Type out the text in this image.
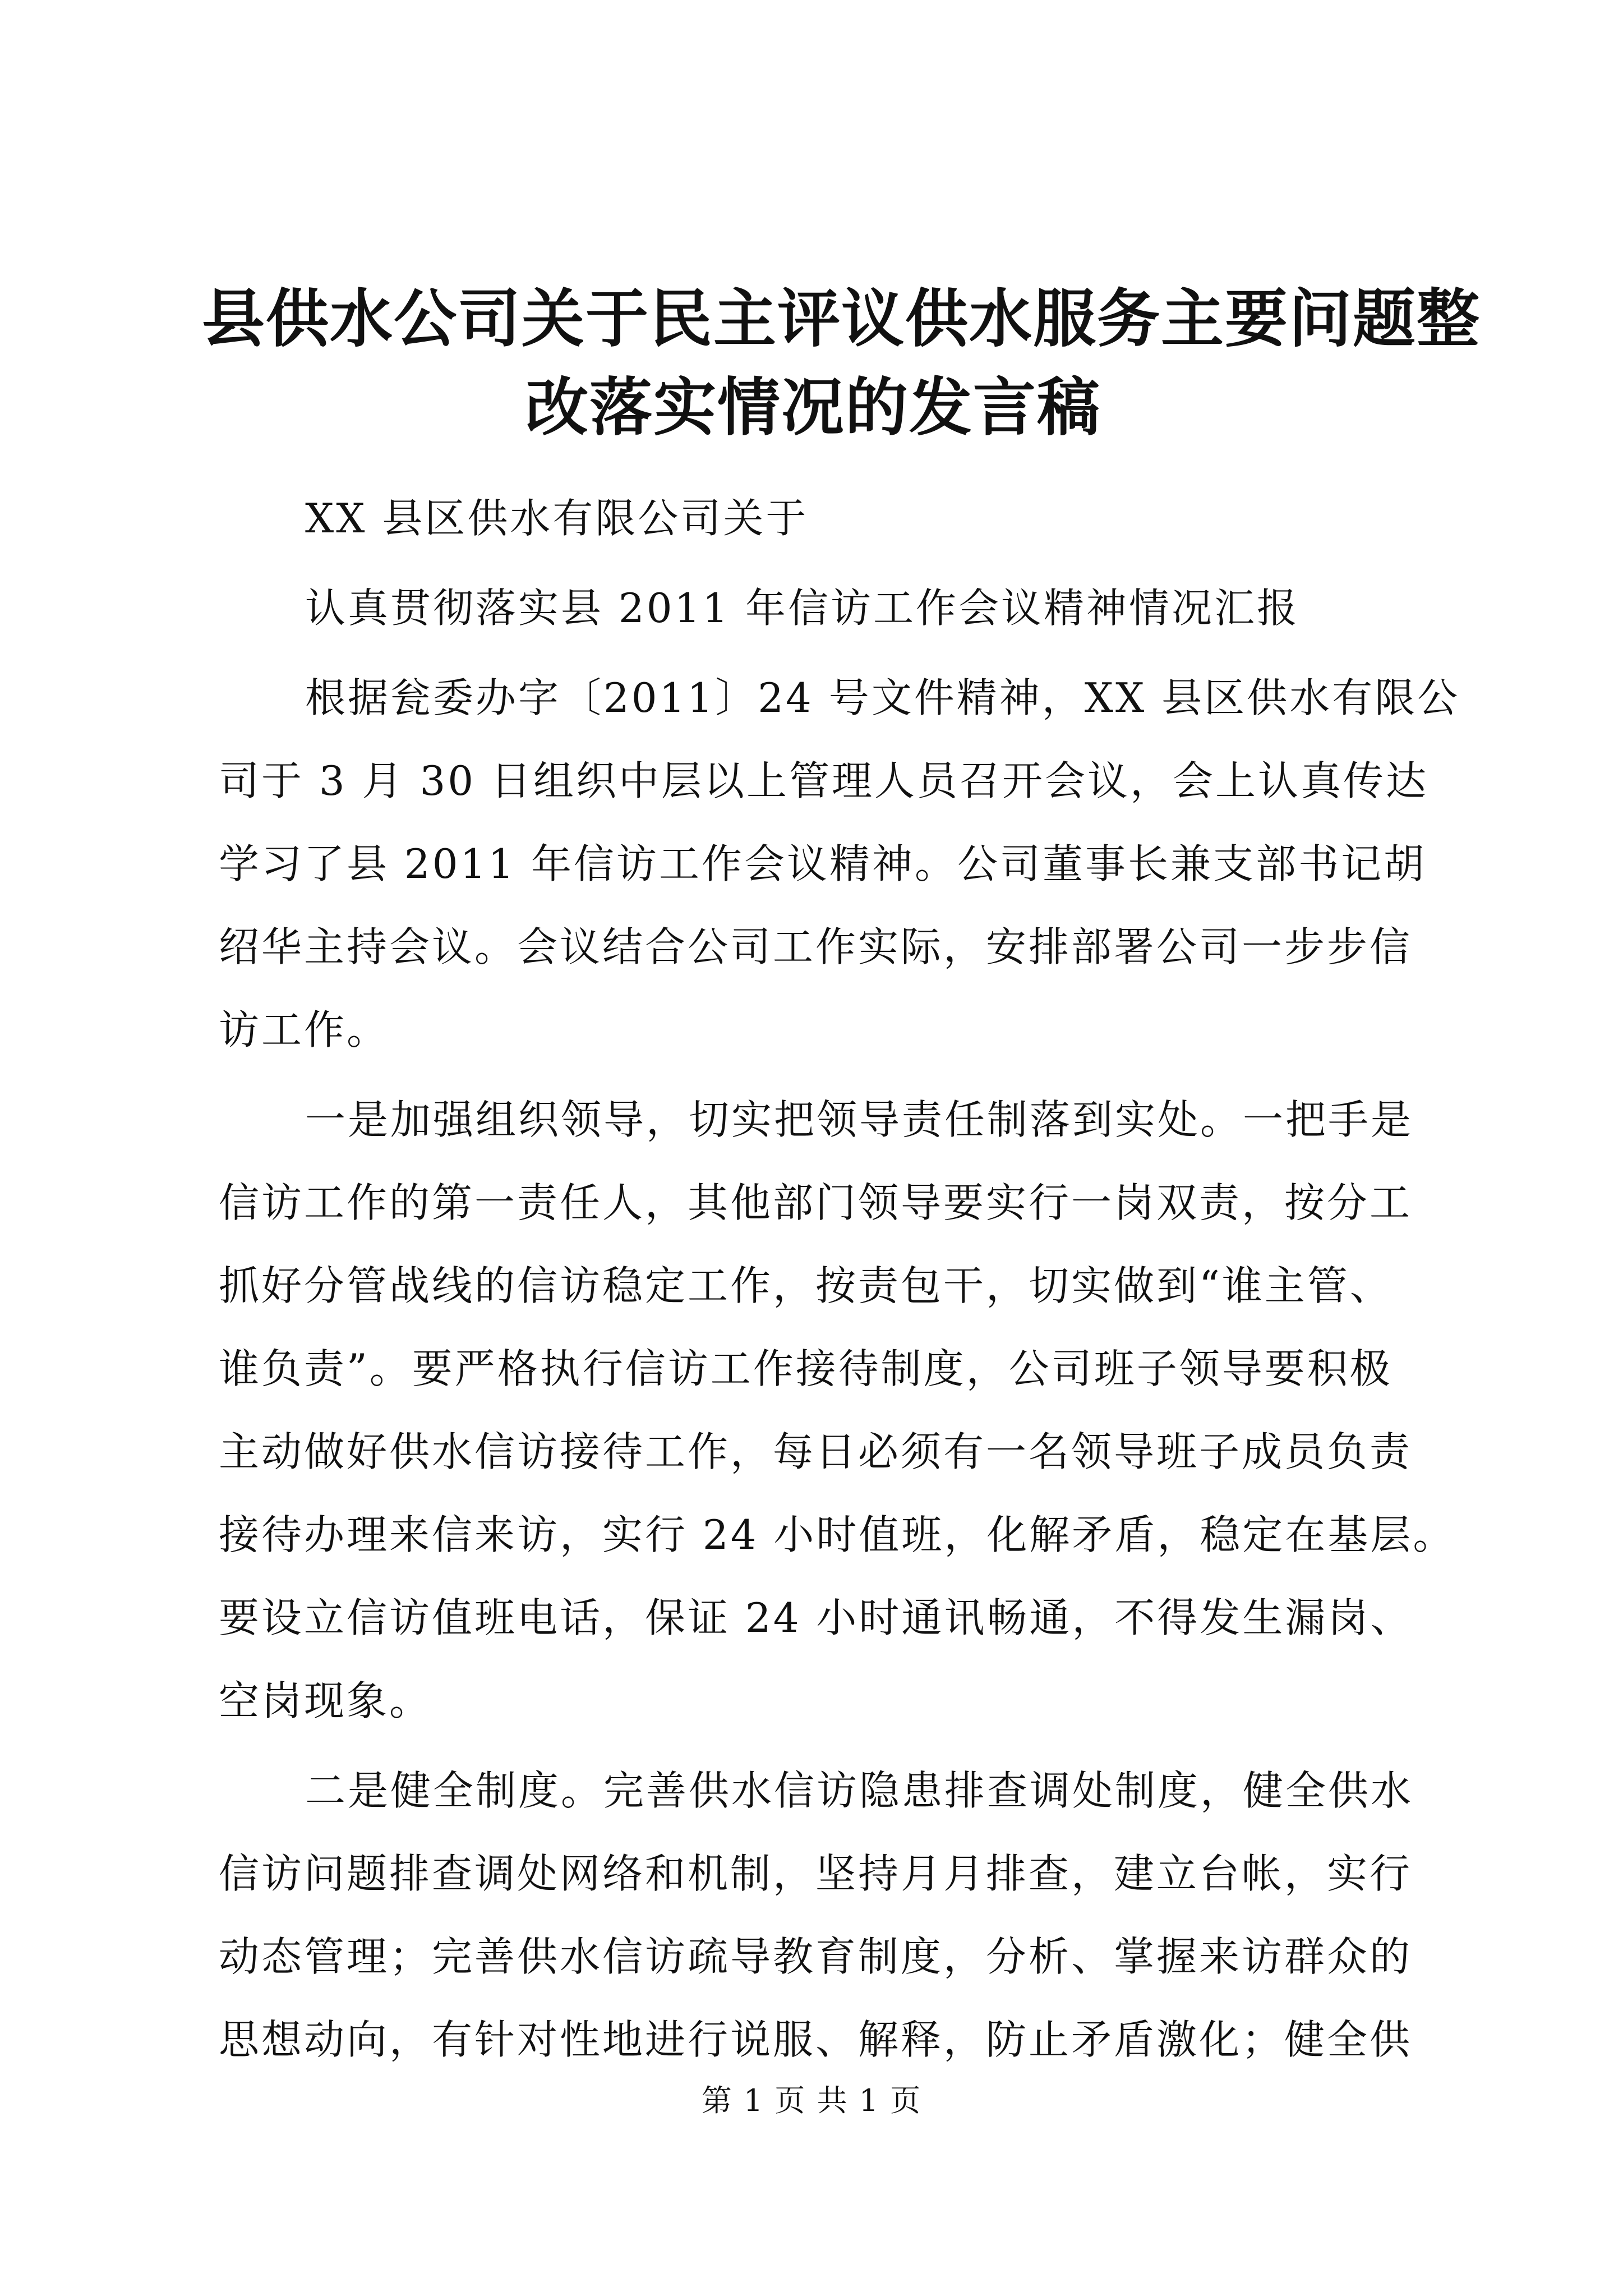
县供水公司关于民主评议供水服务主要问题整
改落实情况的发言稿
XX 县区供水有限公司关于
认真贯彻落实县 2011 年信访工作会议精神情况汇报
根据瓮委办字〔2011〕24 号文件精神，XX 县区供水有限公
司于 3 月 30 日组织中层以上管理人员召开会议，会上认真传达
学习了县 2011 年信访工作会议精神。公司董事长兼支部书记胡
绍华主持会议。会议结合公司工作实际，安排部署公司一步步信
访工作。
一是加强组织领导，切实把领导责任制落到实处。一把手是
信访工作的第一责任人，其他部门领导要实行一岗双责，按分工
抓好分管战线的信访稳定工作，按责包干，切实做到“谁主管、
谁负责”。要严格执行信访工作接待制度，公司班子领导要积极
主动做好供水信访接待工作，每日必须有一名领导班子成员负责
接待办理来信来访，实行 24 小时值班，化解矛盾，稳定在基层。
要设立信访值班电话，保证 24 小时通讯畅通，不得发生漏岗、
空岗现象。
二是健全制度。完善供水信访隐患排查调处制度，健全供水
信访问题排查调处网络和机制，坚持月月排查，建立台帐，实行
动态管理；完善供水信访疏导教育制度，分析、掌握来访群众的
思想动向，有针对性地进行说服、解释，防止矛盾激化；健全供
第 1 页 共 1 页
